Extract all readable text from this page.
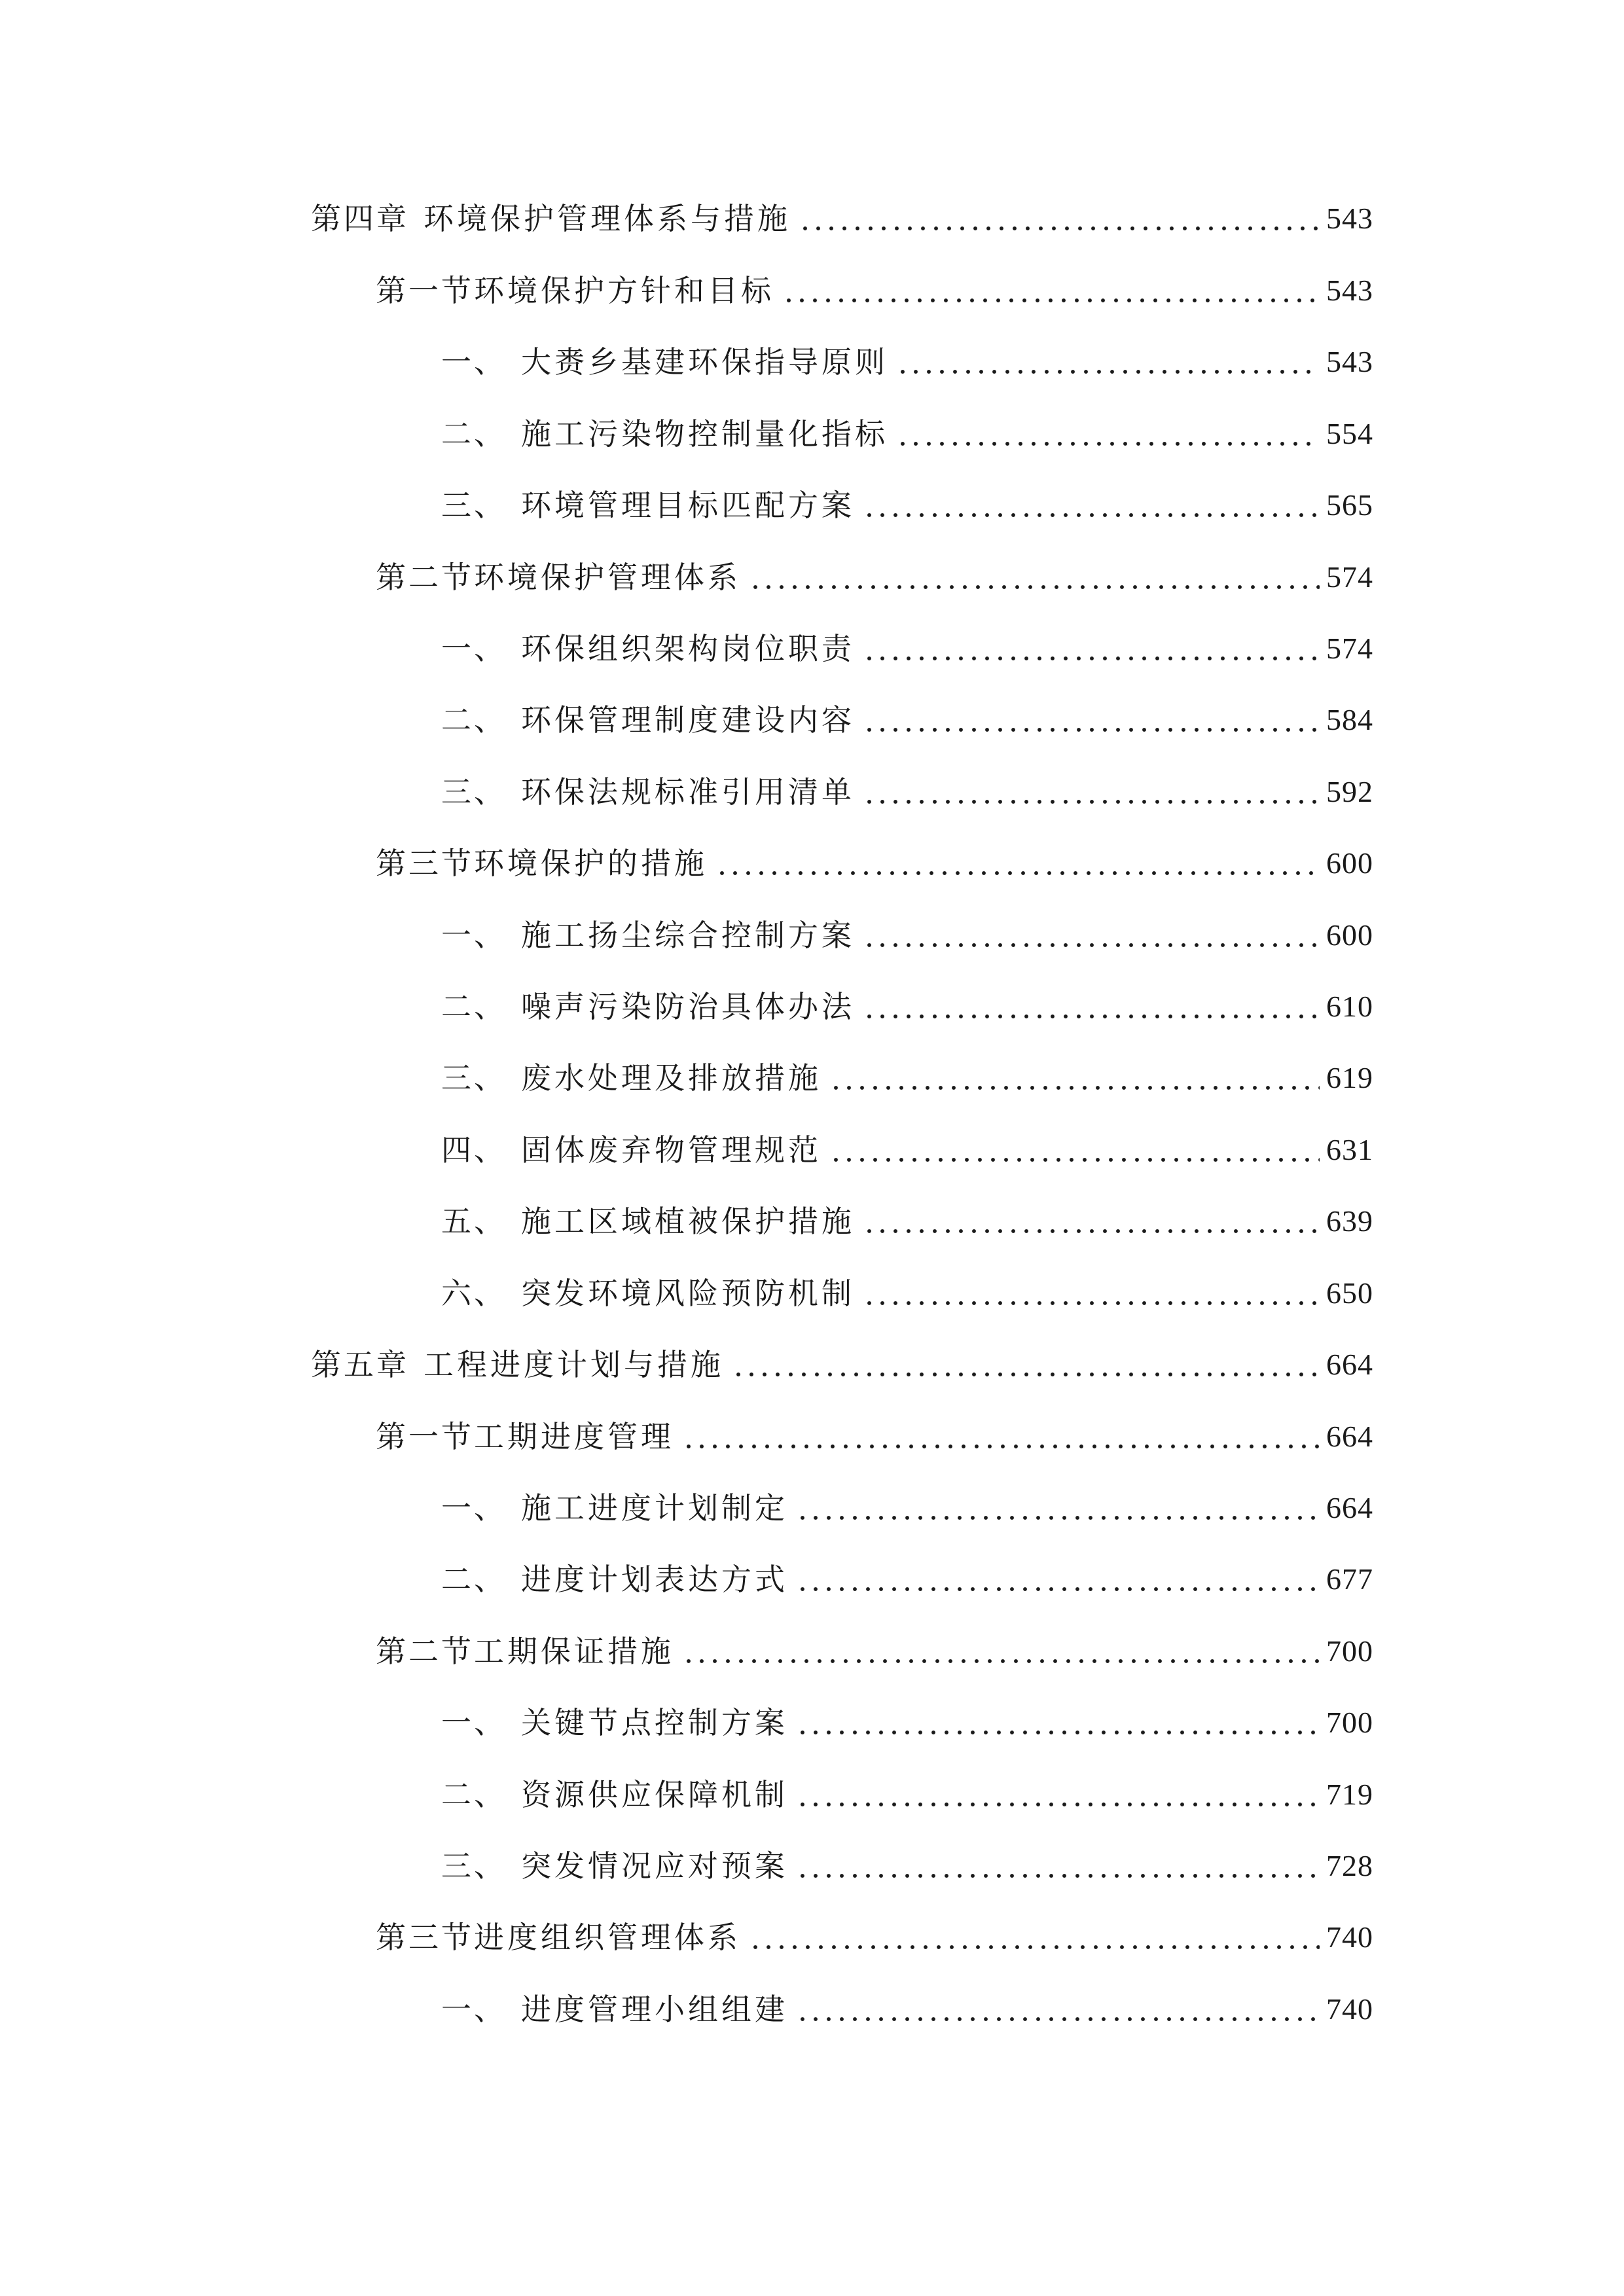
第四章 环境保护管理体系与措施	543
第一节 环境保护方针和目标	543
一、 大赉乡基建环保指导原则	543
二、 施工污染物控制量化指标	554
三、 环境管理目标匹配方案	565
第二节 环境保护管理体系	574
一、 环保组织架构岗位职责	574
二、 环保管理制度建设内容	584
三、 环保法规标准引用清单	592
第三节 环境保护的措施	600
一、 施工扬尘综合控制方案	600
二、 噪声污染防治具体办法	610
三、 废水处理及排放措施	619
四、 固体废弃物管理规范	631
五、 施工区域植被保护措施	639
六、 突发环境风险预防机制	650
第五章 工程进度计划与措施	664
第一节 工期进度管理	664
一、 施工进度计划制定	664
二、 进度计划表达方式	677
第二节 工期保证措施	700
一、 关键节点控制方案	700
二、 资源供应保障机制	719
三、 突发情况应对预案	728
第三节 进度组织管理体系	740
一、 进度管理小组组建	740
